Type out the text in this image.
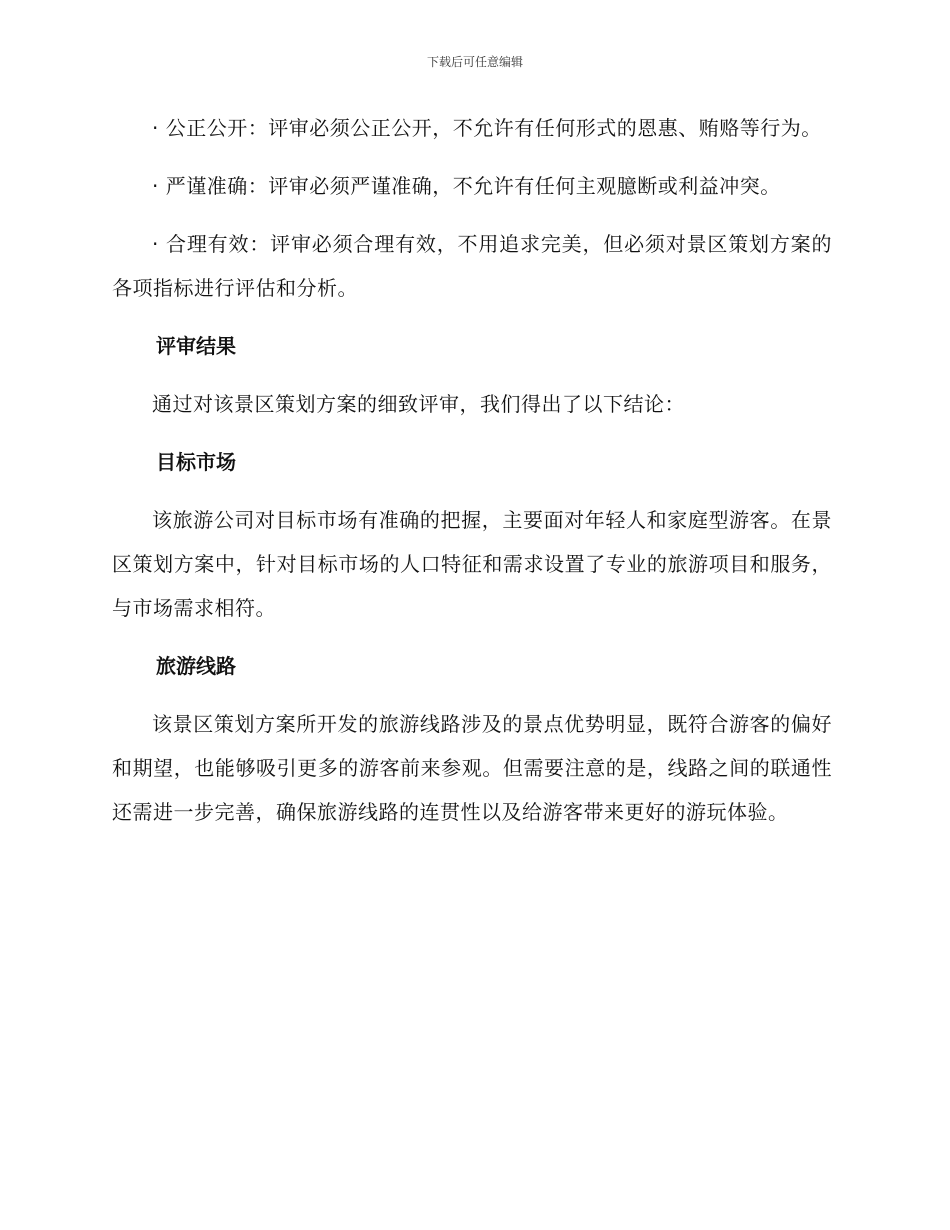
下载后可任意编辑

· 公正公开：评审必须公正公开，不允许有任何形式的恩惠、贿赂等行为。

· 严谨准确：评审必须严谨准确，不允许有任何主观臆断或利益冲突。

· 合理有效：评审必须合理有效，不用追求完美，但必须对景区策划方案的各项指标进行评估和分析。

评审结果

通过对该景区策划方案的细致评审，我们得出了以下结论：

目标市场

该旅游公司对目标市场有准确的把握，主要面对年轻人和家庭型游客。在景区策划方案中，针对目标市场的人口特征和需求设置了专业的旅游项目和服务，与市场需求相符。

旅游线路

该景区策划方案所开发的旅游线路涉及的景点优势明显，既符合游客的偏好和期望，也能够吸引更多的游客前来参观。但需要注意的是，线路之间的联通性还需进一步完善，确保旅游线路的连贯性以及给游客带来更好的游玩体验。
